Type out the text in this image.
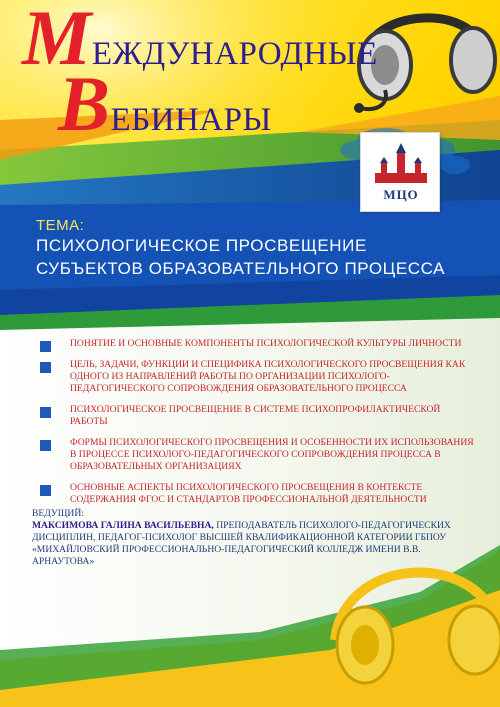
МЕЖДУНАРОДНЫЕ
ВЕБИНАРЫ
МЦО
ТЕМА:
ПСИХОЛОГИЧЕСКОЕ ПРОСВЕЩЕНИЕ
СУБЪЕКТОВ ОБРАЗОВАТЕЛЬНОГО ПРОЦЕССА
ПОНЯТИЕ И ОСНОВНЫЕ КОМПОНЕНТЫ ПСИХОЛОГИЧЕСКОЙ КУЛЬТУРЫ ЛИЧНОСТИ
ЦЕЛЬ, ЗАДАЧИ, ФУНКЦИИ И СПЕЦИФИКА ПСИХОЛОГИЧЕСКОГО ПРОСВЕЩЕНИЯ КАК ОДНОГО ИЗ НАПРАВЛЕНИЙ РАБОТЫ ПО ОРГАНИЗАЦИИ ПСИХОЛОГО-ПЕДАГОГИЧЕСКОГО СОПРОВОЖДЕНИЯ ОБРАЗОВАТЕЛЬНОГО ПРОЦЕССА
ПСИХОЛОГИЧЕСКОЕ ПРОСВЕЩЕНИЕ В СИСТЕМЕ ПСИХОПРОФИЛАКТИЧЕСКОЙ РАБОТЫ
ФОРМЫ ПСИХОЛОГИЧЕСКОГО ПРОСВЕЩЕНИЯ И ОСОБЕННОСТИ ИХ ИСПОЛЬЗОВАНИЯ В ПРОЦЕССЕ ПСИХОЛОГО-ПЕДАГОГИЧЕСКОГО СОПРОВОЖДЕНИЯ ПРОЦЕССА В ОБРАЗОВАТЕЛЬНЫХ ОРГАНИЗАЦИЯХ
ОСНОВНЫЕ АСПЕКТЫ ПСИХОЛОГИЧЕСКОГО ПРОСВЕЩЕНИЯ В КОНТЕКСТЕ СОДЕРЖАНИЯ ФГОС И СТАНДАРТОВ ПРОФЕССИОНАЛЬНОЙ ДЕЯТЕЛЬНОСТИ
ВЕДУЩИЙ:
МАКСИМОВА ГАЛИНА ВАСИЛЬЕВНА, ПРЕПОДАВАТЕЛЬ ПСИХОЛОГО-ПЕДАГОГИЧЕСКИХ ДИСЦИПЛИН, ПЕДАГОГ-ПСИХОЛОГ ВЫСШЕЙ КВАЛИФИКАЦИОННОЙ КАТЕГОРИИ ГБПОУ «МИХАЙЛОВСКИЙ ПРОФЕССИОНАЛЬНО-ПЕДАГОГИЧЕСКИЙ КОЛЛЕДЖ ИМЕНИ В.В. АРНАУТОВА»
